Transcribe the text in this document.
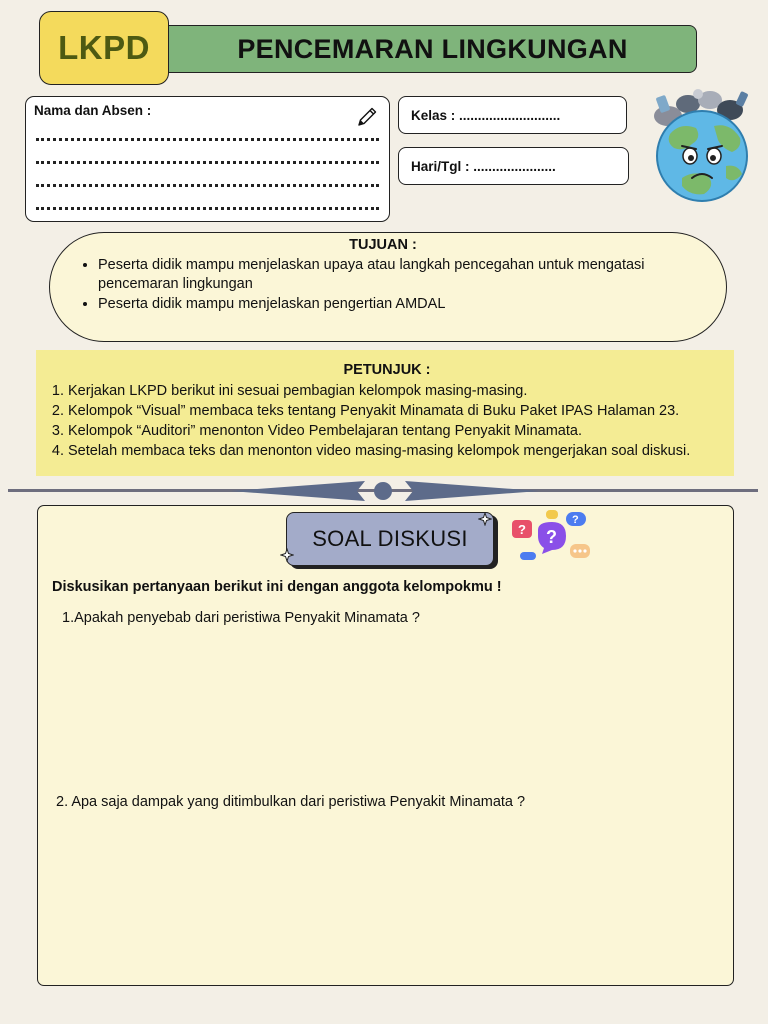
LKPD	PENCEMARAN LINGKUNGAN
Nama dan Absen :	Kelas : ...........................
Hari/Tgl : ......................
TUJUAN :
• Peserta didik mampu menjelaskan upaya atau langkah pencegahan untuk mengatasi pencemaran lingkungan
• Peserta didik mampu menjelaskan pengertian AMDAL
PETUNJUK :
1. Kerjakan LKPD berikut ini sesuai pembagian kelompok masing-masing.
2. Kelompok “Visual” membaca teks tentang Penyakit Minamata di Buku Paket IPAS Halaman 23.
3. Kelompok “Auditori” menonton Video Pembelajaran tentang Penyakit Minamata.
4. Setelah membaca teks dan menonton video masing-masing kelompok mengerjakan soal diskusi.
SOAL DISKUSI	? ?
?
Diskusikan pertanyaan berikut ini dengan anggota kelompokmu !
1.Apakah penyebab dari peristiwa Penyakit Minamata ?
2. Apa saja dampak yang ditimbulkan dari peristiwa Penyakit Minamata ?
